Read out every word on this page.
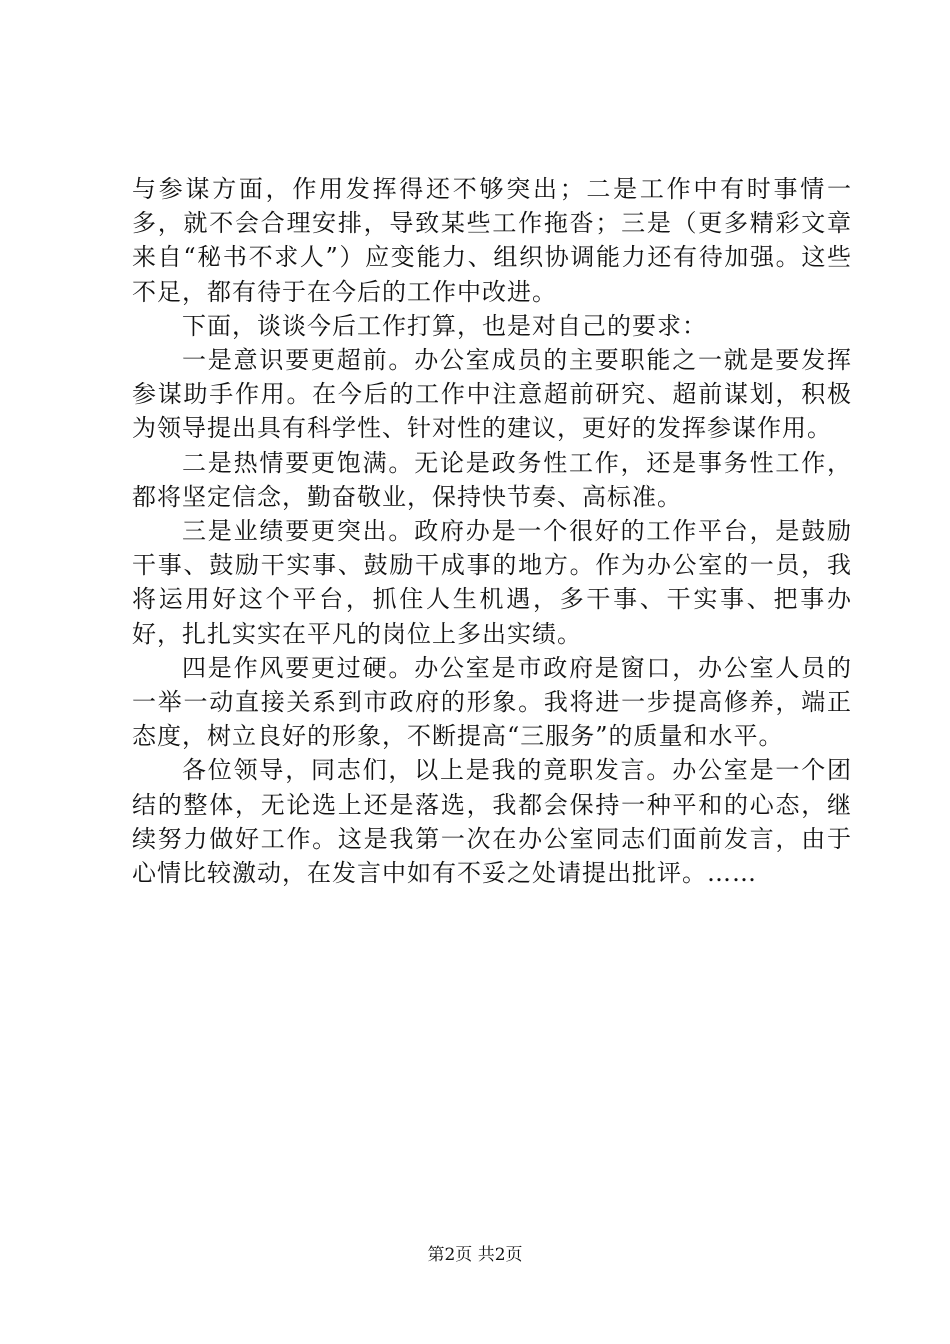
与参谋方面，作用发挥得还不够突出；二是工作中有时事情一多，就不会合理安排，导致某些工作拖沓；三是（更多精彩文章来自“秘书不求人”）应变能力、组织协调能力还有待加强。这些不足，都有待于在今后的工作中改进。

下面，谈谈今后工作打算，也是对自己的要求：

一是意识要更超前。办公室成员的主要职能之一就是要发挥参谋助手作用。在今后的工作中注意超前研究、超前谋划，积极为领导提出具有科学性、针对性的建议，更好的发挥参谋作用。

二是热情要更饱满。无论是政务性工作，还是事务性工作，都将坚定信念，勤奋敬业，保持快节奏、高标准。

三是业绩要更突出。政府办是一个很好的工作平台，是鼓励干事、鼓励干实事、鼓励干成事的地方。作为办公室的一员，我将运用好这个平台，抓住人生机遇，多干事、干实事、把事办好，扎扎实实在平凡的岗位上多出实绩。

四是作风要更过硬。办公室是市政府是窗口，办公室人员的一举一动直接关系到市政府的形象。我将进一步提高修养，端正态度，树立良好的形象，不断提高“三服务”的质量和水平。

各位领导，同志们，以上是我的竟职发言。办公室是一个团结的整体，无论选上还是落选，我都会保持一种平和的心态，继续努力做好工作。这是我第一次在办公室同志们面前发言，由于心情比较激动，在发言中如有不妥之处请提出批评。……

第2页 共2页
